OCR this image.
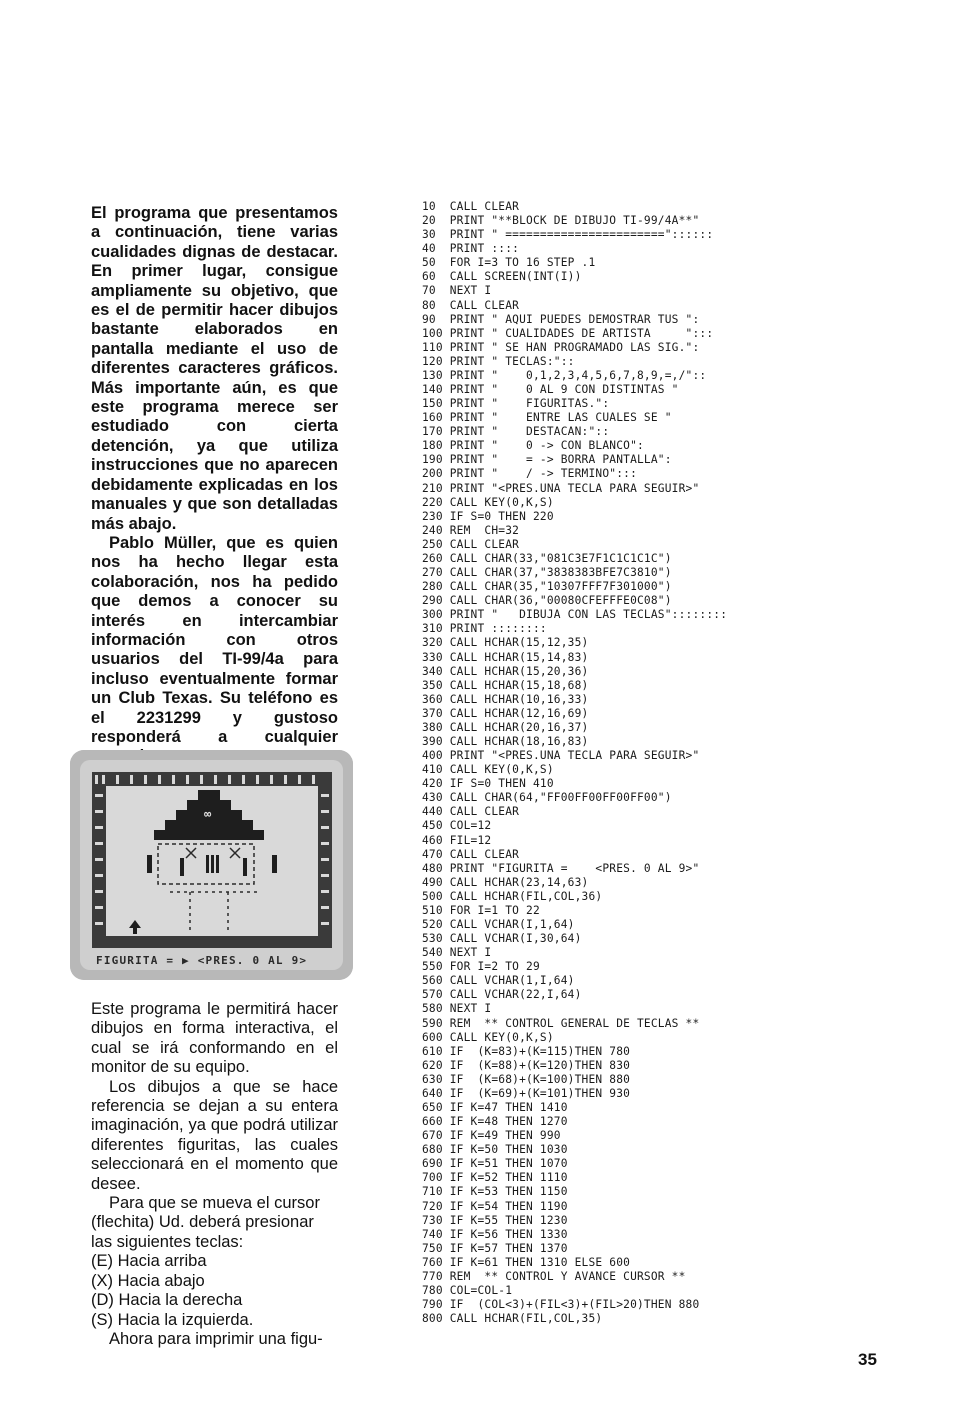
El programa que presentamos a continuación, tiene varias cualidades dignas de destacar. En primer lugar, consigue ampliamente su objetivo, que es el de permitir hacer dibujos bastante elaborados en pantalla mediante el uso de diferentes caracteres gráficos. Más importante aún, es que este programa merece ser estudiado con cierta detención, ya que utiliza instrucciones que no aparecen debidamente explicadas en los manuales y que son detalladas más abajo.

Pablo Müller, que es quien nos ha hecho llegar esta colaboración, nos ha pedido que demos a conocer su interés en intercambiar información con otros usuarios del TI-99/4a para incluso eventualmente formar un Club Texas. Su teléfono es el 2231299 y gustoso responderá a cualquier

∞
FIGURITA = ▶ <PRES. 0 AL 9>

Este programa le permitirá hacer dibujos en forma interactiva, el cual se irá conformando en el monitor de su equipo.

Los dibujos a que se hace referencia se dejan a su entera imaginación, ya que podrá utilizar diferentes figuritas, las cuales seleccionará en el momento que desee.

Para que se mueva el cursor (flechita) Ud. deberá presionar las siguientes teclas:

(E) Hacia arriba
(X) Hacia abajo
(D) Hacia la derecha
(S) Hacia la izquierda.

Ahora para imprimir una figu-

10  CALL CLEAR
20  PRINT "**BLOCK DE DIBUJO TI-99/4A**"
30  PRINT " ======================="::::::
40  PRINT ::::
50  FOR I=3 TO 16 STEP .1
60  CALL SCREEN(INT(I))
70  NEXT I
80  CALL CLEAR
90  PRINT " AQUI PUEDES DEMOSTRAR TUS ":
100 PRINT " CUALIDADES DE ARTISTA     ":::
110 PRINT " SE HAN PROGRAMADO LAS SIG.":
120 PRINT " TECLAS:"::
130 PRINT "    0,1,2,3,4,5,6,7,8,9,=,/"::
140 PRINT "    0 AL 9 CON DISTINTAS "
150 PRINT "    FIGURITAS.":
160 PRINT "    ENTRE LAS CUALES SE "
170 PRINT "    DESTACAN:"::
180 PRINT "    0 -> CON BLANCO":
190 PRINT "    = -> BORRA PANTALLA":
200 PRINT "    / -> TERMINO":::
210 PRINT "<PRES.UNA TECLA PARA SEGUIR>"
220 CALL KEY(0,K,S)
230 IF S=0 THEN 220
240 REM  CH=32
250 CALL CLEAR
260 CALL CHAR(33,"081C3E7F1C1C1C1C")
270 CALL CHAR(37,"3838383BFE7C3810")
280 CALL CHAR(35,"10307FFF7F301000")
290 CALL CHAR(36,"00080CFEFFFE0C08")
300 PRINT "   DIBUJA CON LAS TECLAS"::::::::
310 PRINT ::::::::
320 CALL HCHAR(15,12,35)
330 CALL HCHAR(15,14,83)
340 CALL HCHAR(15,20,36)
350 CALL HCHAR(15,18,68)
360 CALL HCHAR(10,16,33)
370 CALL HCHAR(12,16,69)
380 CALL HCHAR(20,16,37)
390 CALL HCHAR(18,16,83)
400 PRINT "<PRES.UNA TECLA PARA SEGUIR>"
410 CALL KEY(0,K,S)
420 IF S=0 THEN 410
430 CALL CHAR(64,"FF00FF00FF00FF00")
440 CALL CLEAR
450 COL=12
460 FIL=12
470 CALL CLEAR
480 PRINT "FIGURITA =    <PRES. 0 AL 9>"
490 CALL HCHAR(23,14,63)
500 CALL HCHAR(FIL,COL,36)
510 FOR I=1 TO 22
520 CALL VCHAR(I,1,64)
530 CALL VCHAR(I,30,64)
540 NEXT I
550 FOR I=2 TO 29
560 CALL VCHAR(1,I,64)
570 CALL VCHAR(22,I,64)
580 NEXT I
590 REM  ** CONTROL GENERAL DE TECLAS **
600 CALL KEY(0,K,S)
610 IF  (K=83)+(K=115)THEN 780
620 IF  (K=88)+(K=120)THEN 830
630 IF  (K=68)+(K=100)THEN 880
640 IF  (K=69)+(K=101)THEN 930
650 IF K=47 THEN 1410
660 IF K=48 THEN 1270
670 IF K=49 THEN 990
680 IF K=50 THEN 1030
690 IF K=51 THEN 1070
700 IF K=52 THEN 1110
710 IF K=53 THEN 1150
720 IF K=54 THEN 1190
730 IF K=55 THEN 1230
740 IF K=56 THEN 1330
750 IF K=57 THEN 1370
760 IF K=61 THEN 1310 ELSE 600
770 REM  ** CONTROL Y AVANCE CURSOR **
780 COL=COL-1
790 IF  (COL<3)+(FIL<3)+(FIL>20)THEN 880
800 CALL HCHAR(FIL,COL,35)
35
